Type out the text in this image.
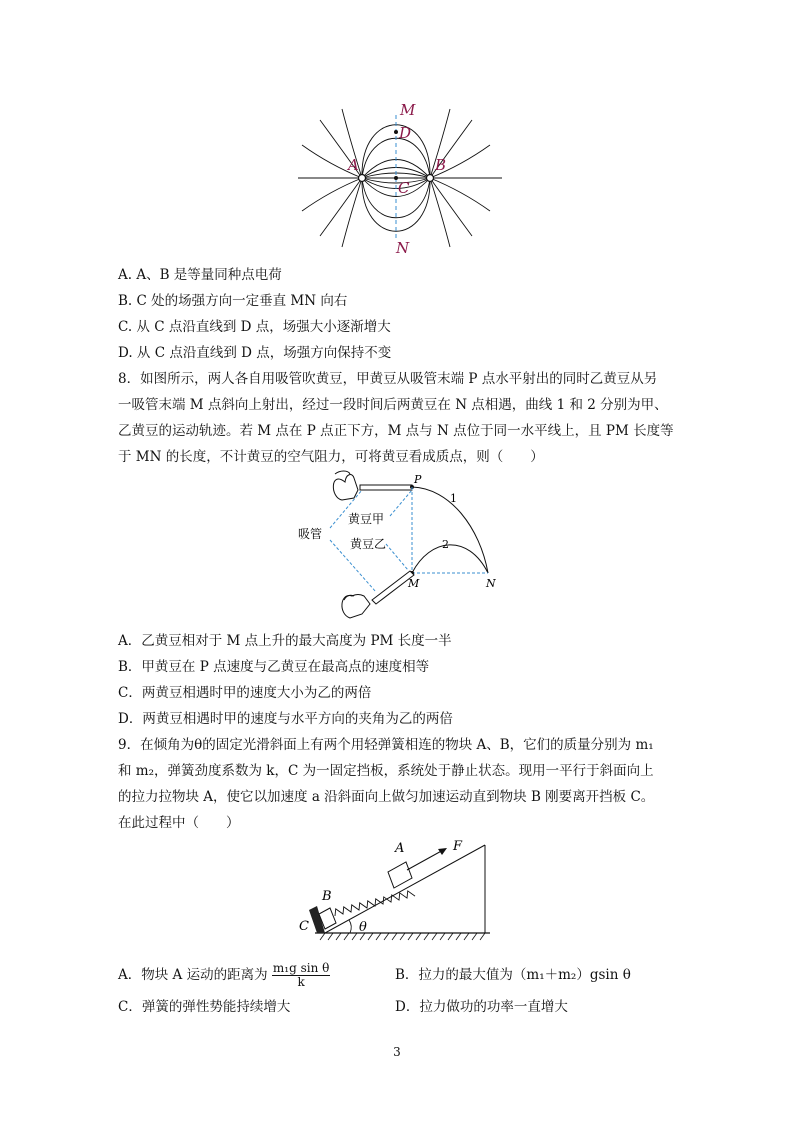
M
D
A	B
C
N
A. A、B 是等量同种点电荷
B. C 处的场强方向一定垂直 MN 向右
C. 从 C 点沿直线到 D 点，场强大小逐渐增大
D. 从 C 点沿直线到 D 点，场强方向保持不变
8．如图所示，两人各自用吸管吹黄豆，甲黄豆从吸管末端 P 点水平射出的同时乙黄豆从另
一吸管末端 M 点斜向上射出，经过一段时间后两黄豆在 N 点相遇，曲线 1 和 2 分别为甲、
乙黄豆的运动轨迹。若 M 点在 P 点正下方，M 点与 N 点位于同一水平线上，且 PM 长度等
于 MN 的长度，不计黄豆的空气阻力，可将黄豆看成质点，则（　　）
P
1
2
吸管
黄豆甲
黄豆乙
M	N
A．乙黄豆相对于 M 点上升的最大高度为 PM 长度一半
B．甲黄豆在 P 点速度与乙黄豆在最高点的速度相等
C．两黄豆相遇时甲的速度大小为乙的两倍
D．两黄豆相遇时甲的速度与水平方向的夹角为乙的两倍
9．在倾角为θ的固定光滑斜面上有两个用轻弹簧相连的物块 A、B，它们的质量分别为 m₁
和 m₂，弹簧劲度系数为 k，C 为一固定挡板，系统处于静止状态。现用一平行于斜面向上
的拉力拉物块 A，使它以加速度 a 沿斜面向上做匀加速运动直到物块 B 刚要离开挡板 C。
在此过程中（　　）
A	F
B
C	θ
A．物块 A 运动的距离为 $\frac{\text{m₁g sin θ}}{k}$	B．拉力的最大值为（m₁＋m₂）gsin θ
C．弹簧的弹性势能持续增大	D．拉力做功的功率一直增大
3
